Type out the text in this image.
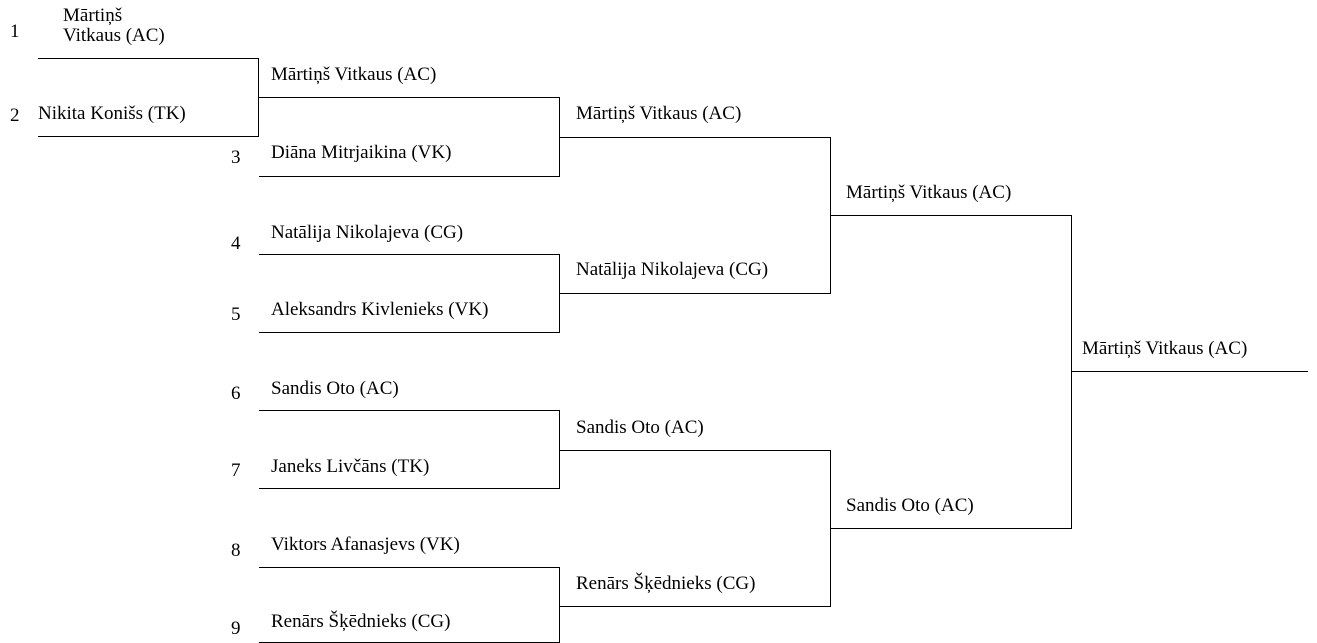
1
2
3
4
5
6
7
8
9
Mārtiņš Vitkaus (AC)
Nikita Konišs (TK)
Mārtiņš Vitkaus (AC)
Diāna Mitrjaikina (VK)
Natālija Nikolajeva (CG)
Aleksandrs Kivlenieks (VK)
Sandis Oto (AC)
Janeks Livčāns (TK)
Viktors Afanasjevs (VK)
Renārs Šķēdnieks (CG)
Mārtiņš Vitkaus (AC)
Natālija Nikolajeva (CG)
Sandis Oto (AC)
Renārs Šķēdnieks (CG)
Mārtiņš Vitkaus (AC)
Sandis Oto (AC)
Mārtiņš Vitkaus (AC)
